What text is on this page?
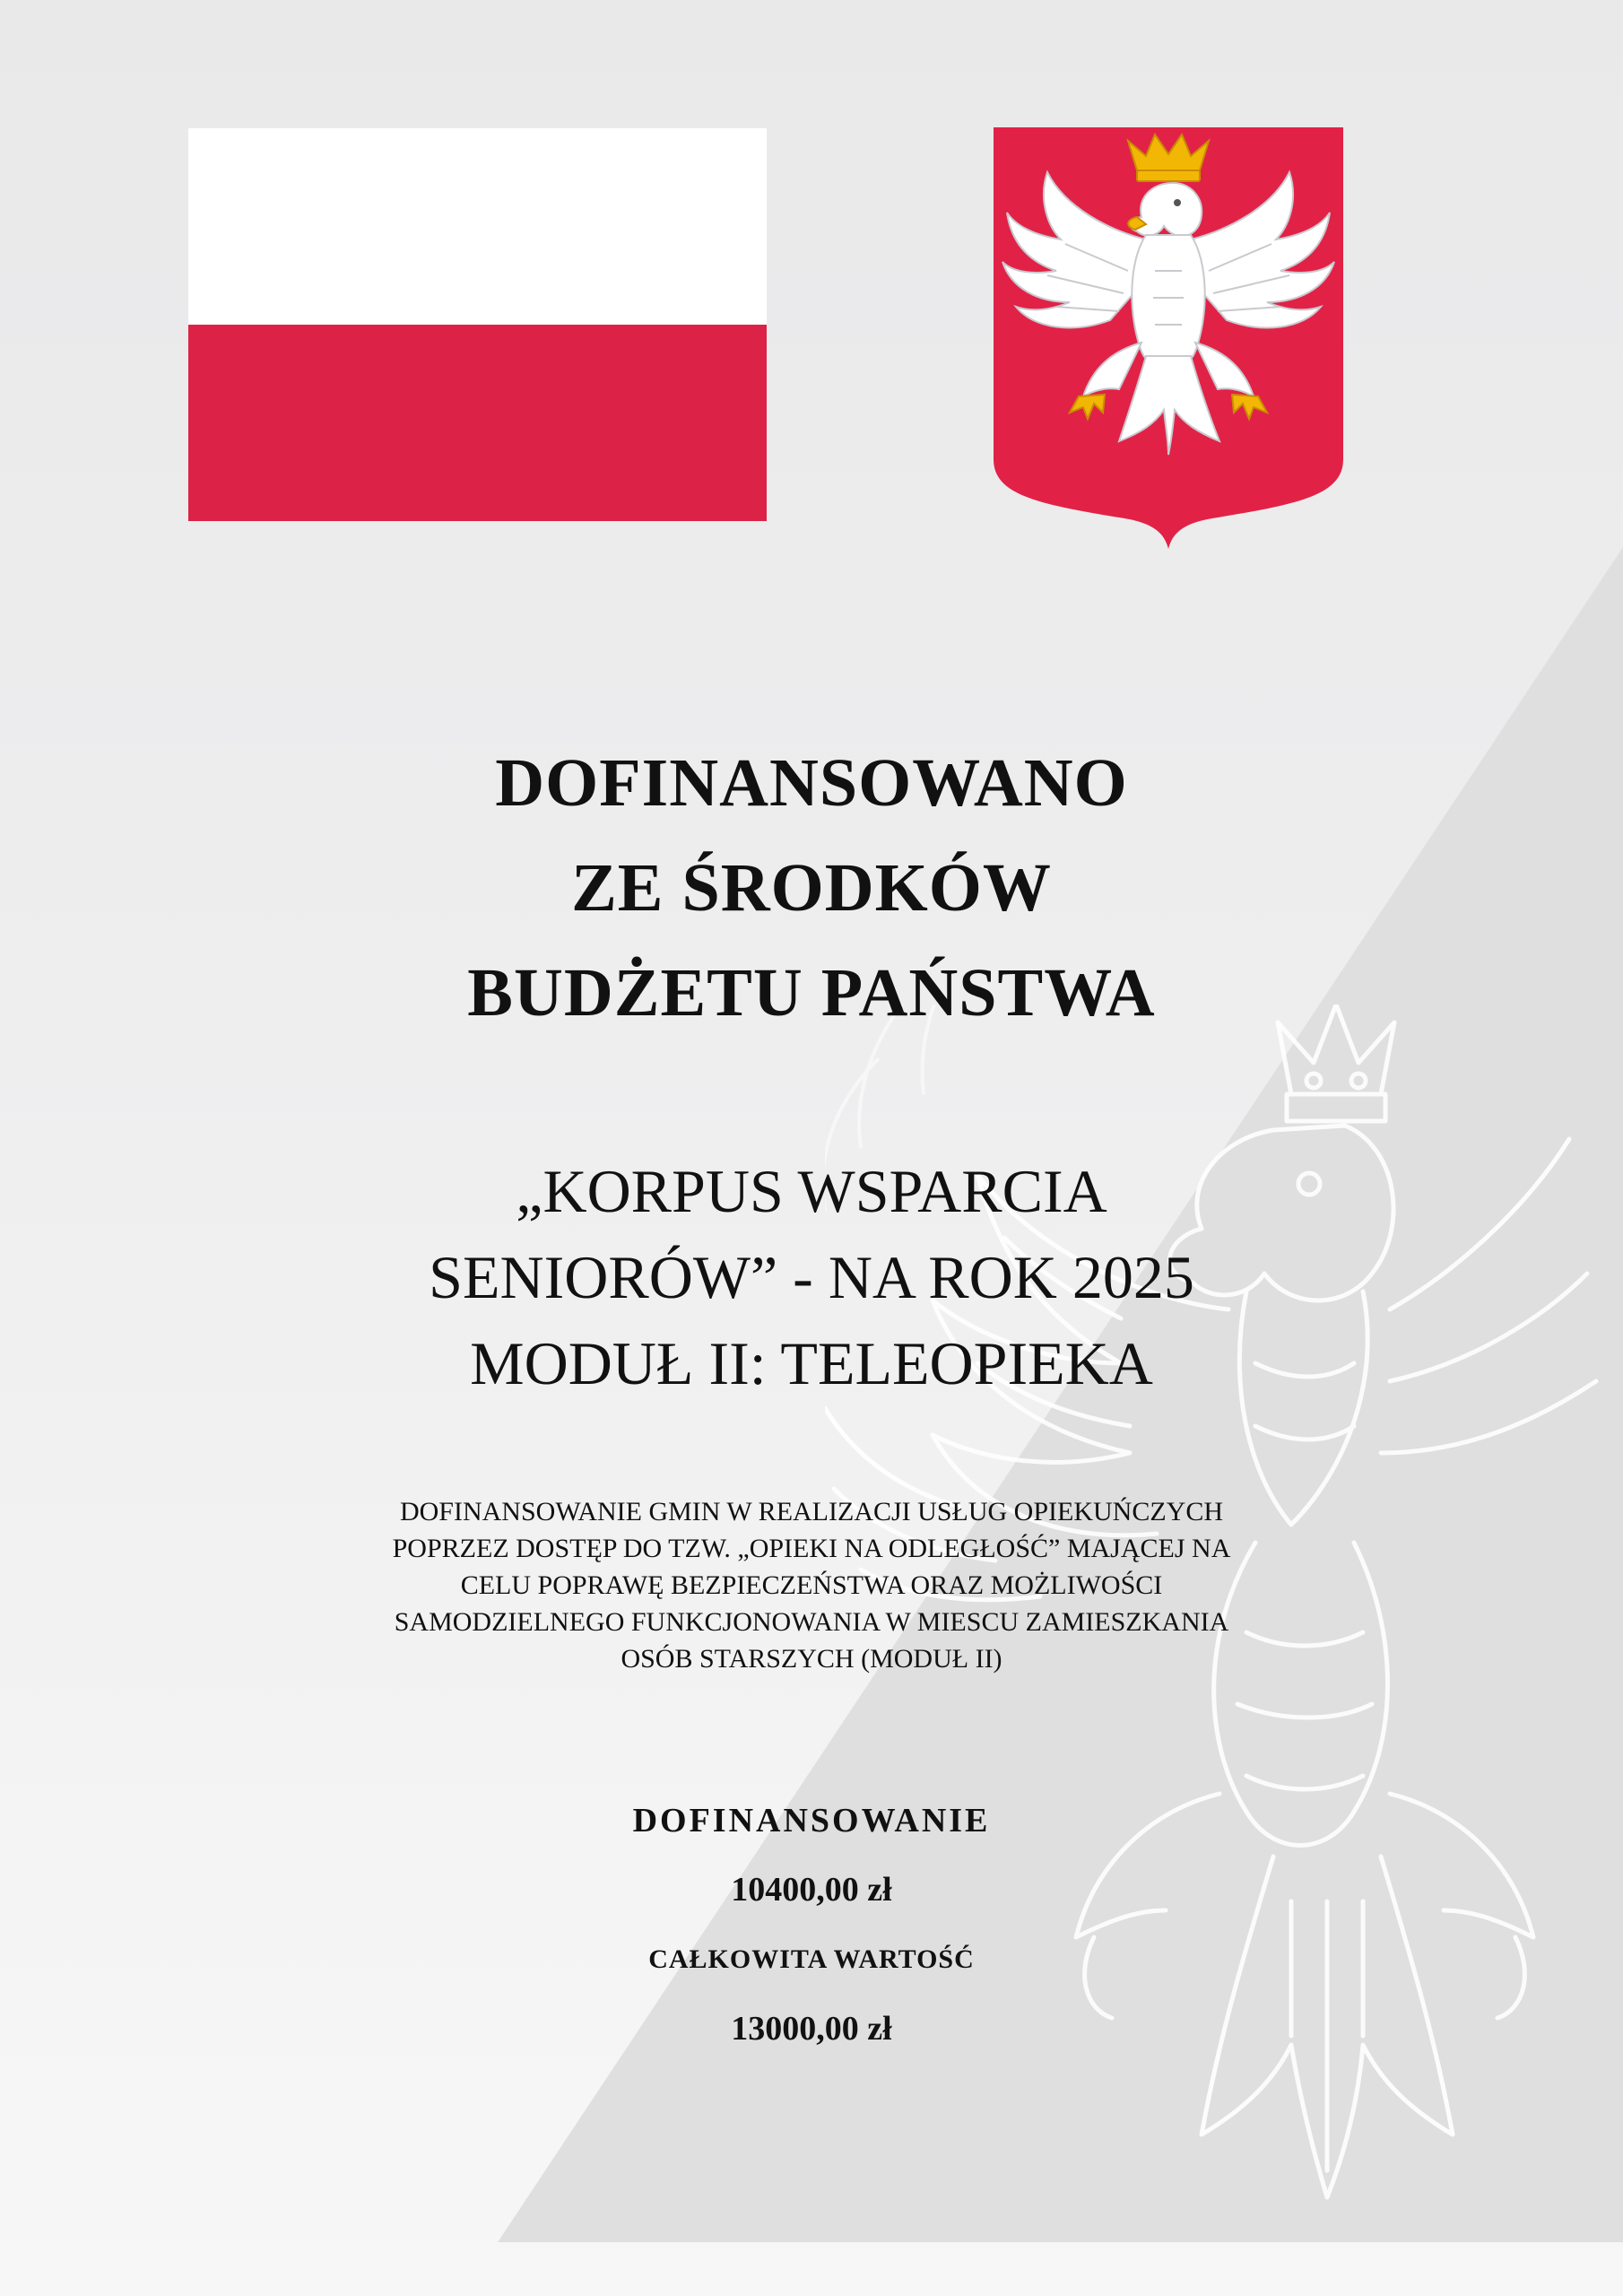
DOFINANSOWANO
ZE ŚRODKÓW
BUDŻETU PAŃSTWA
„KORPUS WSPARCIA
SENIORÓW” - NA ROK 2025
MODUŁ II: TELEOPIEKA
DOFINANSOWANIE GMIN W REALIZACJI USŁUG OPIEKUŃCZYCH
POPRZEZ DOSTĘP DO TZW. „OPIEKI NA ODLEGŁOŚĆ” MAJĄCEJ NA
CELU POPRAWĘ BEZPIECZEŃSTWA ORAZ MOŻLIWOŚCI
SAMODZIELNEGO FUNKCJONOWANIA W MIESCU ZAMIESZKANIA
OSÓB STARSZYCH (MODUŁ II)
DOFINANSOWANIE
10400,00 zł
CAŁKOWITA WARTOŚĆ
13000,00 zł
